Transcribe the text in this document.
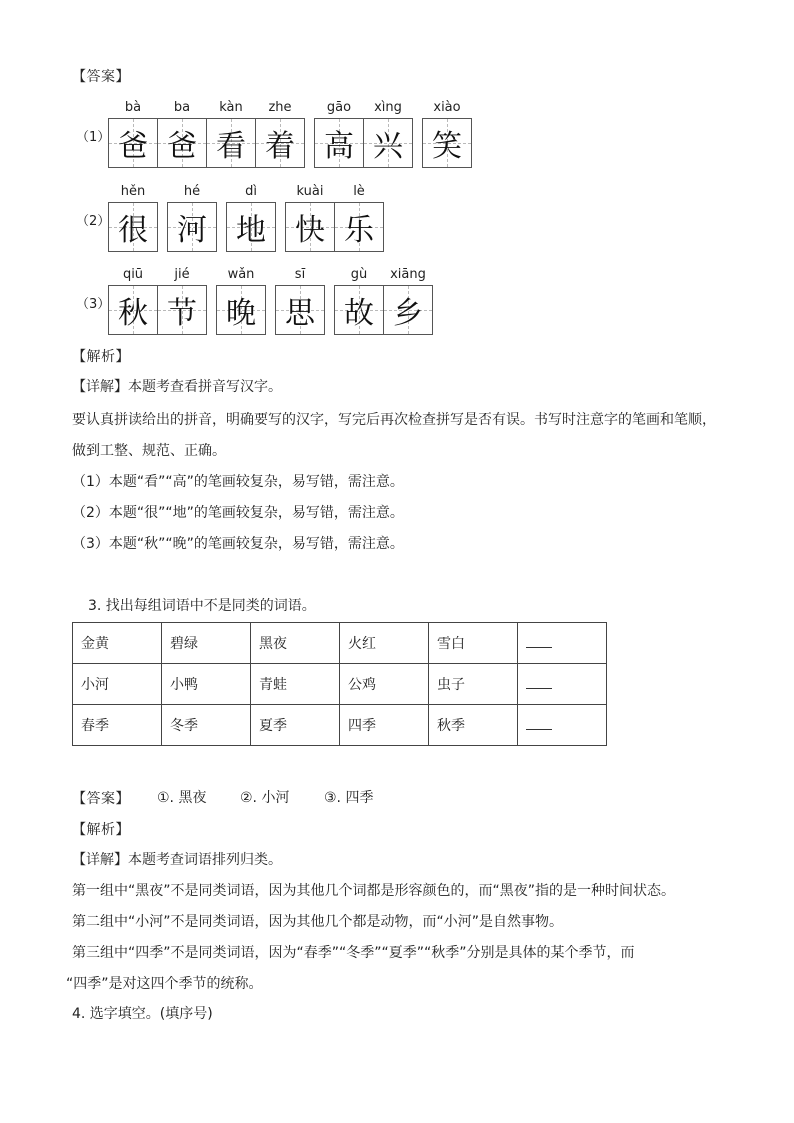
【答案】
（1）
bà	ba	kàn	zhe
爸 爸 看 着
gāo	xìng
高 兴
xiào
笑
（2）
hěn
很
hé
河
dì
地
kuài	lè
快 乐
（3）
qiū	jié
秋 节
wǎn
晚
sī
思
gù	xiāng
故 乡
【解析】
【详解】本题考查看拼音写汉字。
要认真拼读给出的拼音，明确要写的汉字，写完后再次检查拼写是否有误。书写时注意字的笔画和笔顺，
做到工整、规范、正确。
（1）本题“看”“高”的笔画较复杂，易写错，需注意。
（2）本题“很”“地”的笔画较复杂，易写错，需注意。
（3）本题“秋”“晚”的笔画较复杂，易写错，需注意。
3. 找出每组词语中不是同类的词语。
金黄	碧绿	黑夜	火红	雪白	
小河	小鸭	青蛙	公鸡	虫子	
春季	冬季	夏季	四季	秋季	
【答案】 ①. 黑夜 ②. 小河 ③. 四季
【解析】
【详解】本题考查词语排列归类。
第一组中“黑夜”不是同类词语，因为其他几个词都是形容颜色的，而“黑夜”指的是一种时间状态。
第二组中“小河”不是同类词语，因为其他几个都是动物，而“小河”是自然事物。
第三组中“四季”不是同类词语，因为“春季”“冬季”“夏季”“秋季”分别是具体的某个季节，而
“四季”是对这四个季节的统称。
4. 选字填空。(填序号)
